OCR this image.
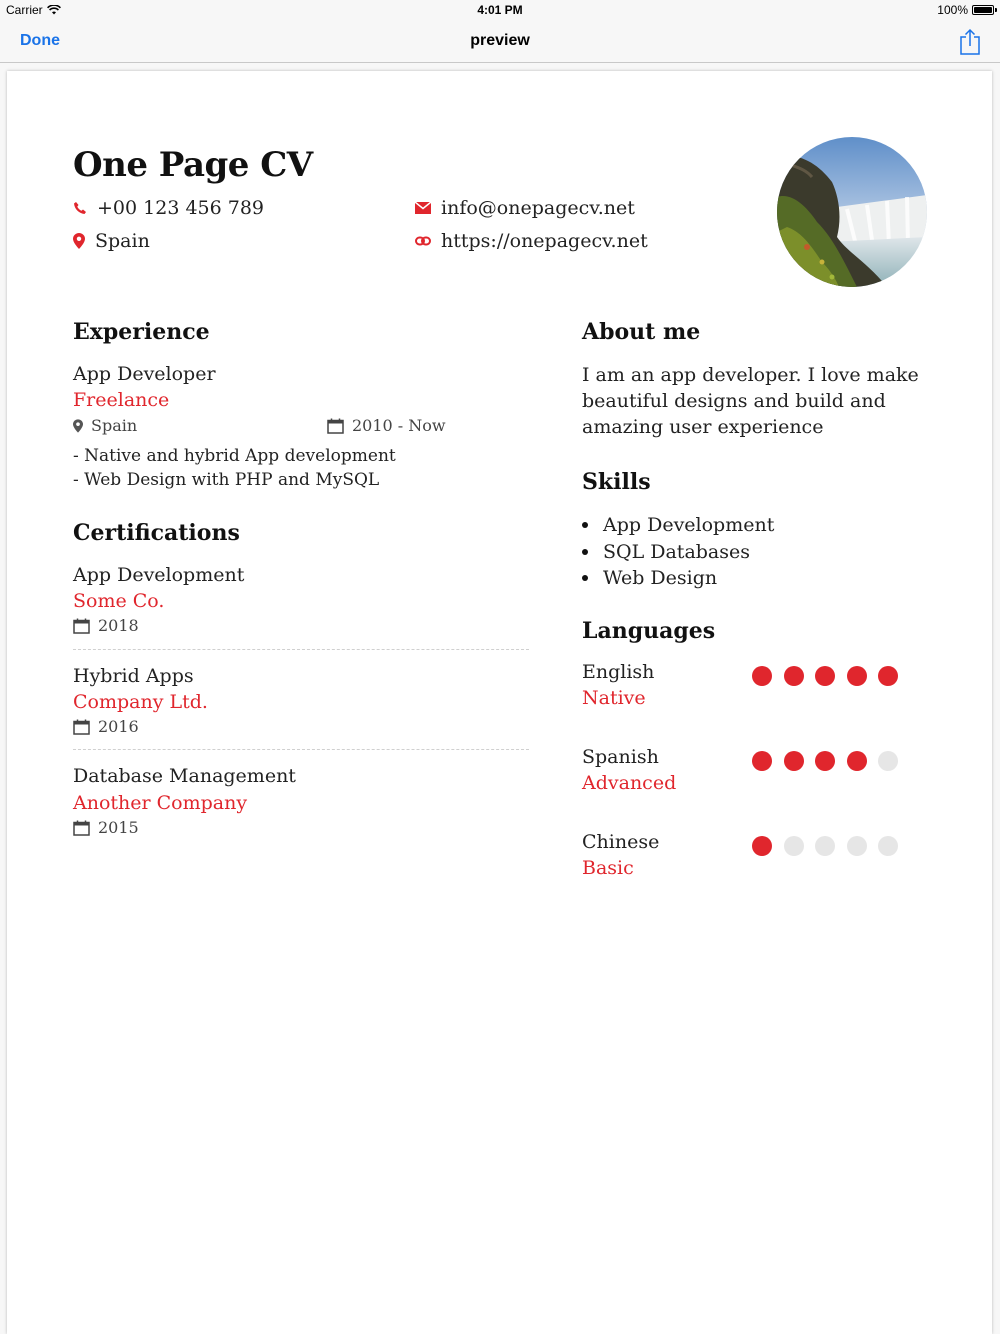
Carrier	4:01 PM	100%
Done	preview
One Page CV
+00 123 456 789
Spain
info@onepagecv.net
https://onepagecv.net
Experience
App Developer
Freelance
Spain	2010 - Now
- Native and hybrid App development
- Web Design with PHP and MySQL
Certifications
App Development
Some Co.
2018
Hybrid Apps
Company Ltd.
2016
Database Management
Another Company
2015
About me
I am an app developer. I love make beautiful designs and build and amazing user experience
Skills
App Development
SQL Databases
Web Design
Languages
English
Native
Spanish
Advanced
Chinese
Basic
